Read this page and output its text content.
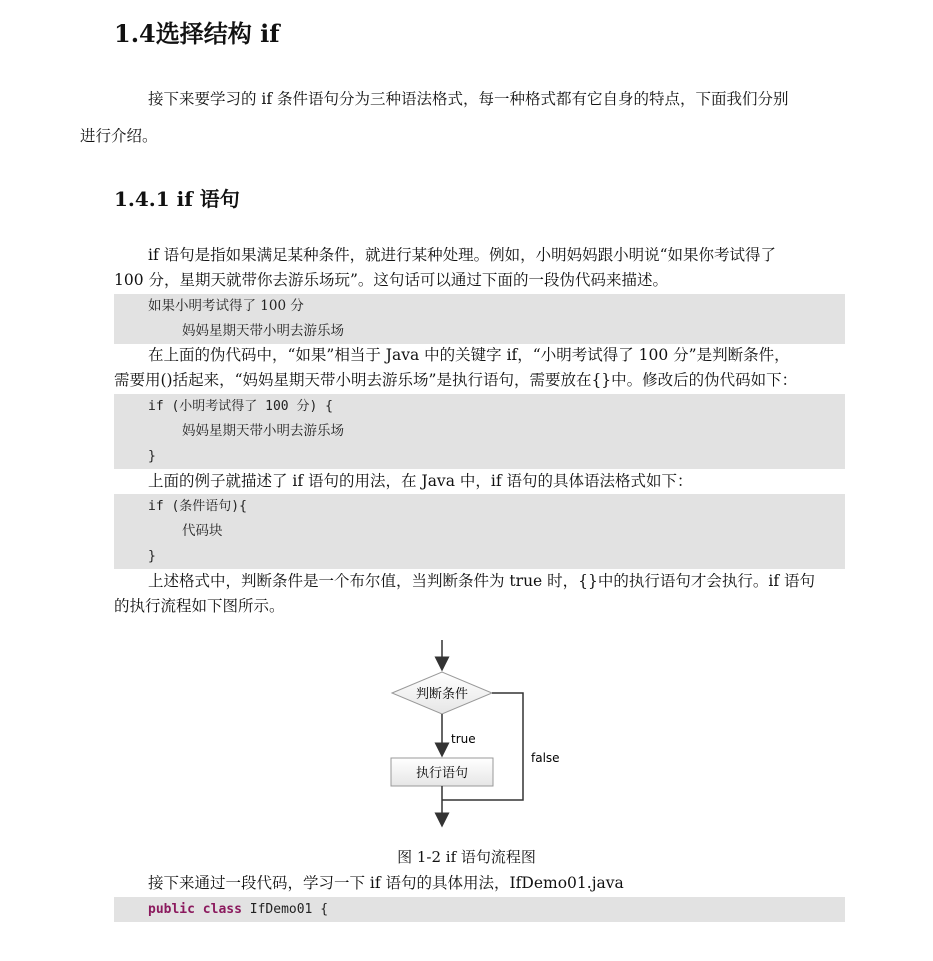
1.4选择结构 if
接下来要学习的 if 条件语句分为三种语法格式，每一种格式都有它自身的特点，下面我们分别
进行介绍。
1.4.1 if 语句
if 语句是指如果满足某种条件，就进行某种处理。例如，小明妈妈跟小明说“如果你考试得了
100 分，星期天就带你去游乐场玩”。这句话可以通过下面的一段伪代码来描述。
如果小明考试得了 100 分
妈妈星期天带小明去游乐场
在上面的伪代码中，“如果”相当于 Java 中的关键字 if，“小明考试得了 100 分”是判断条件，
需要用()括起来，“妈妈星期天带小明去游乐场”是执行语句，需要放在{}中。修改后的伪代码如下：
if (小明考试得了 100 分) {
妈妈星期天带小明去游乐场
}
上面的例子就描述了 if 语句的用法，在 Java 中，if 语句的具体语法格式如下：
if (条件语句){
代码块
}
上述格式中，判断条件是一个布尔值，当判断条件为 true 时，{}中的执行语句才会执行。if 语句
的执行流程如下图所示。
判断条件
true
执行语句
false
图 1-2 if 语句流程图
接下来通过一段代码，学习一下 if 语句的具体用法，IfDemo01.java
public class IfDemo01 {
